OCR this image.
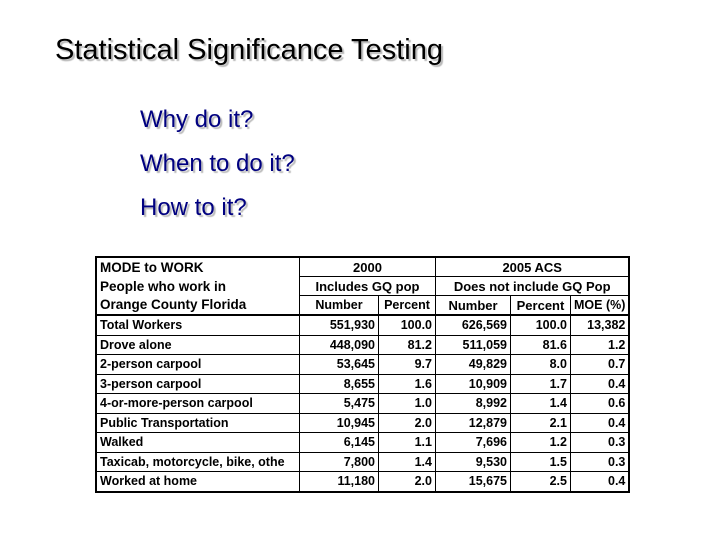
Statistical Significance Testing
Why do it?
When to do it?
How to it?
MODE to WORK	2000		2005 ACS		
People who work in	Includes GQ pop		Does not include GQ Pop		
Orange County Florida	Number	Percent	Number	Percent	MOE (%)
Total Workers	551,930	100.0	626,569	100.0	13,382
Drove alone	448,090	81.2	511,059	81.6	1.2
2-person carpool	53,645	9.7	49,829	8.0	0.7
3-person carpool	8,655	1.6	10,909	1.7	0.4
4-or-more-person carpool	5,475	1.0	8,992	1.4	0.6
Public Transportation	10,945	2.0	12,879	2.1	0.4
Walked	6,145	1.1	7,696	1.2	0.3
Taxicab, motorcycle, bike, othe	7,800	1.4	9,530	1.5	0.3
Worked at home	11,180	2.0	15,675	2.5	0.4
